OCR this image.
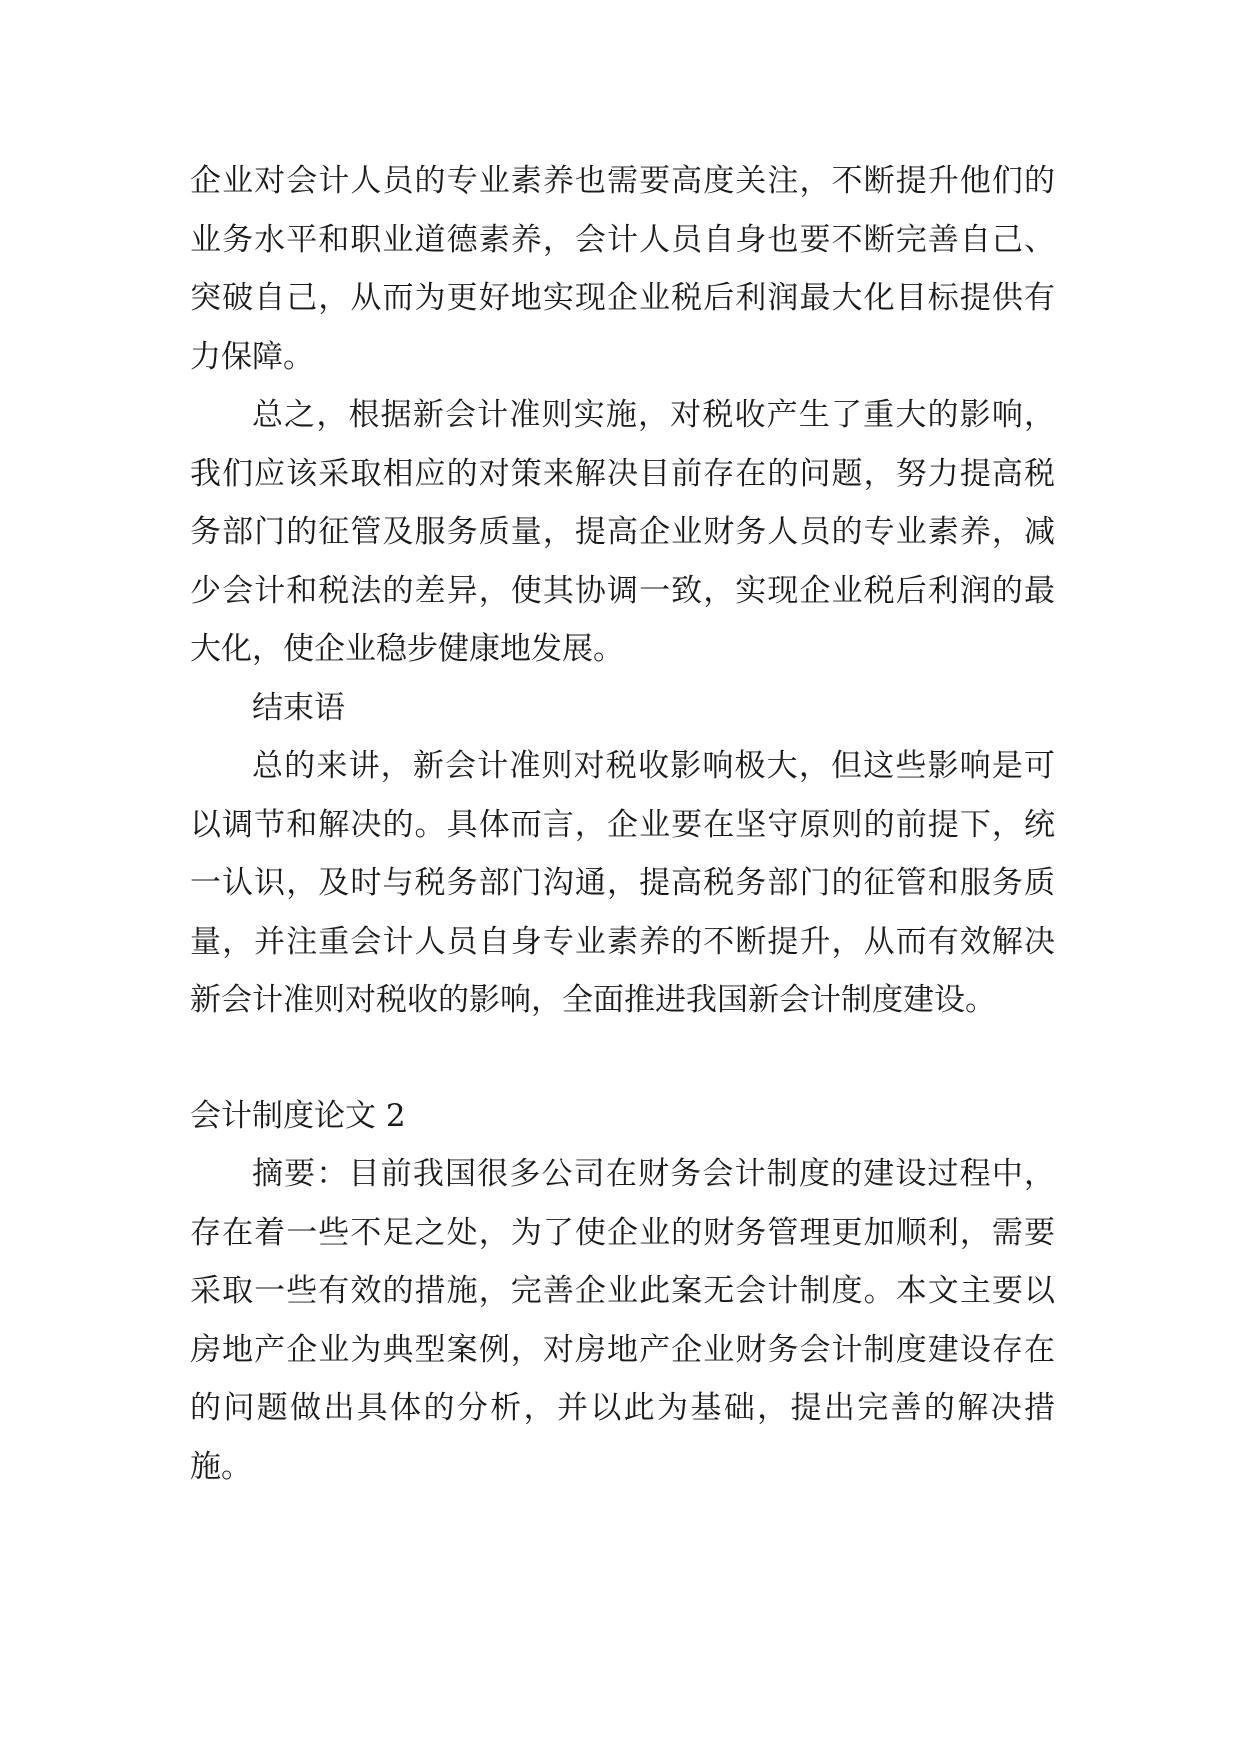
企业对会计人员的专业素养也需要高度关注，不断提升他们的业务水平和职业道德素养，会计人员自身也要不断完善自己、突破自己，从而为更好地实现企业税后利润最大化目标提供有力保障。

总之，根据新会计准则实施，对税收产生了重大的影响，我们应该采取相应的对策来解决目前存在的问题，努力提高税务部门的征管及服务质量，提高企业财务人员的专业素养，减少会计和税法的差异，使其协调一致，实现企业税后利润的最大化，使企业稳步健康地发展。

结束语

总的来讲，新会计准则对税收影响极大，但这些影响是可以调节和解决的。具体而言，企业要在坚守原则的前提下，统一认识，及时与税务部门沟通，提高税务部门的征管和服务质量，并注重会计人员自身专业素养的不断提升，从而有效解决新会计准则对税收的影响，全面推进我国新会计制度建设。

会计制度论文 2

摘要：目前我国很多公司在财务会计制度的建设过程中，存在着一些不足之处，为了使企业的财务管理更加顺利，需要采取一些有效的措施，完善企业此案无会计制度。本文主要以房地产企业为典型案例，对房地产企业财务会计制度建设存在的问题做出具体的分析，并以此为基础，提出完善的解决措施。
